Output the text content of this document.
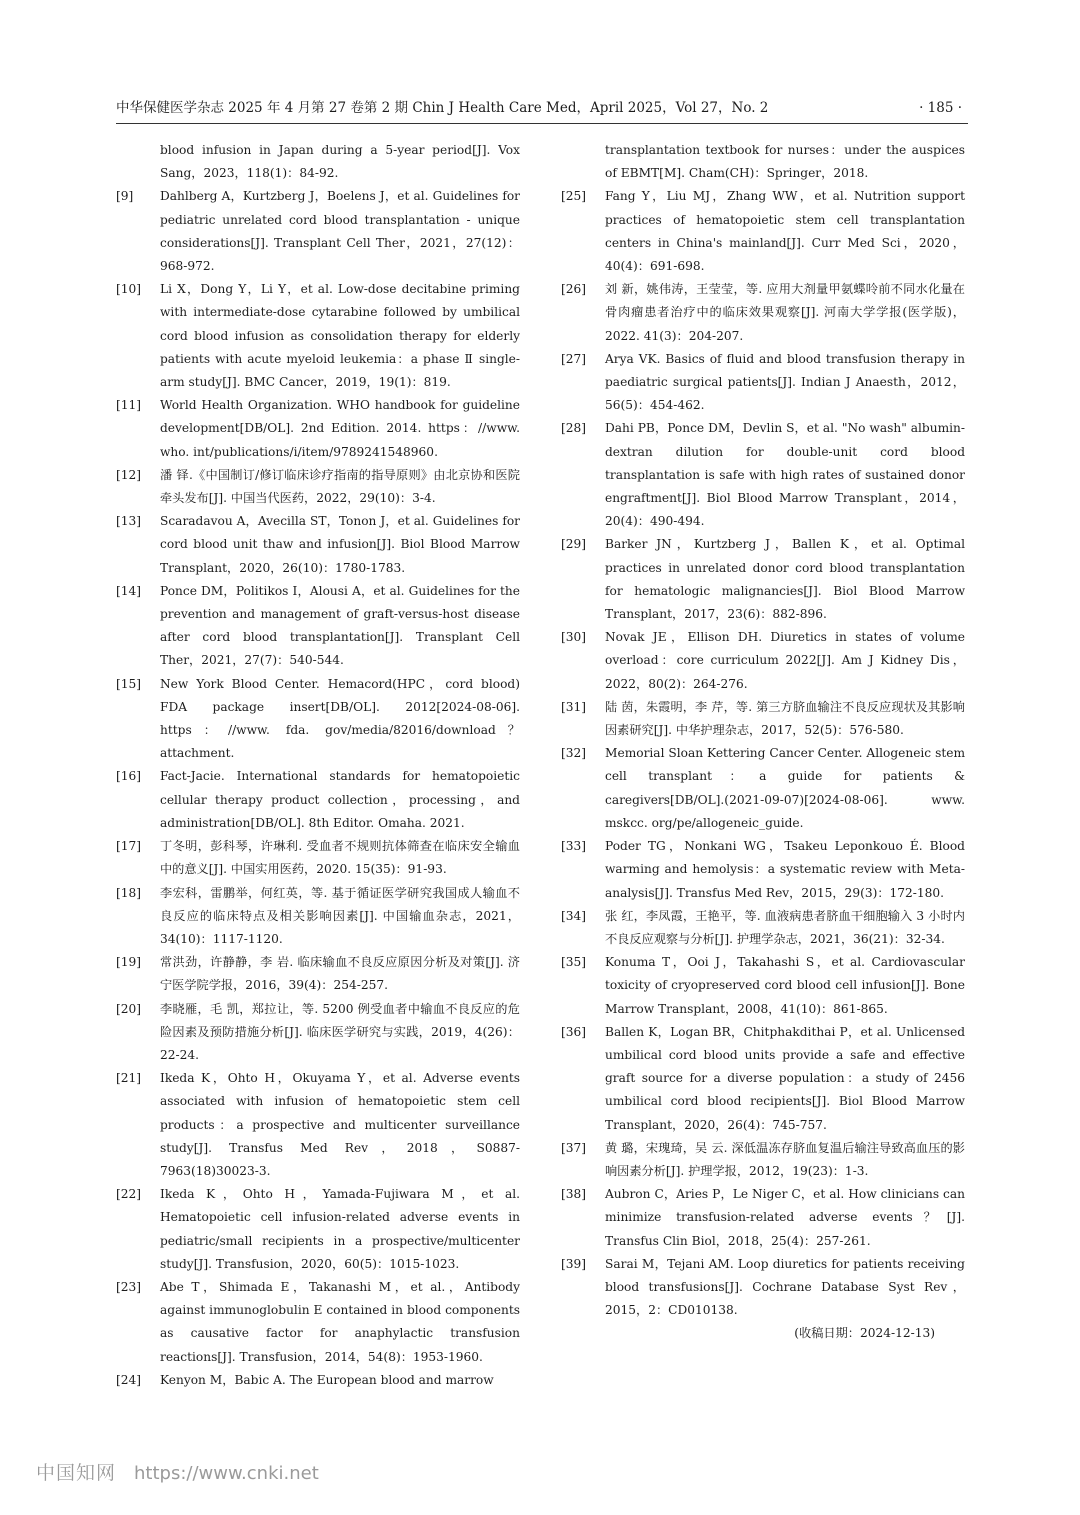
中华保健医学杂志 2025 年 4 月第 27 卷第 2 期 Chin J Health Care Med，April 2025，Vol 27，No. 2	· 185 ·
blood infusion in Japan during a 5-year period[J]. Vox Sang，2023，118(1)：84-92.
[9] Dahlberg A，Kurtzberg J，Boelens J，et al. Guidelines for pediatric unrelated cord blood transplantation - unique considerations[J]. Transplant Cell Ther，2021，27(12)：968-972.
[10] Li X，Dong Y，Li Y，et al. Low-dose decitabine priming with intermediate-dose cytarabine followed by umbilical cord blood infusion as consolidation therapy for elderly patients with acute myeloid leukemia：a phase Ⅱ single-arm study[J]. BMC Cancer，2019，19(1)：819.
[11] World Health Organization. WHO handbook for guideline development[DB/OL]. 2nd Edition. 2014. https：//www. who. int/publications/i/item/9789241548960.
[12] 潘 铎.《中国制订/修订临床诊疗指南的指导原则》由北京协和医院牵头发布[J]. 中国当代医药，2022，29(10)：3-4.
[13] Scaradavou A，Avecilla ST，Tonon J，et al. Guidelines for cord blood unit thaw and infusion[J]. Biol Blood Marrow Transplant，2020，26(10)：1780-1783.
[14] Ponce DM，Politikos I，Alousi A，et al. Guidelines for the prevention and management of graft-versus-host disease after cord blood transplantation[J]. Transplant Cell Ther，2021，27(7)：540-544.
[15] New York Blood Center. Hemacord(HPC，cord blood) FDA package insert[DB/OL]. 2012[2024-08-06]. https：//www. fda. gov/media/82016/download？attachment.
[16] Fact-Jacie. International standards for hematopoietic cellular therapy product collection，processing，and administration[DB/OL]. 8th Editor. Omaha. 2021.
[17] 丁冬明，彭科琴，许琳利. 受血者不规则抗体筛查在临床安全输血中的意义[J]. 中国实用医药，2020. 15(35)：91-93.
[18] 李宏科，雷鹏举，何红英，等. 基于循证医学研究我国成人输血不良反应的临床特点及相关影响因素[J]. 中国输血杂志，2021，34(10)：1117-1120.
[19] 常洪劲，许静静，李 岩. 临床输血不良反应原因分析及对策[J]. 济宁医学院学报，2016，39(4)：254-257.
[20] 李晓雁，毛 凯，郑拉让，等. 5200 例受血者中输血不良反应的危险因素及预防措施分析[J]. 临床医学研究与实践，2019，4(26)：22-24.
[21] Ikeda K，Ohto H，Okuyama Y，et al. Adverse events associated with infusion of hematopoietic stem cell products：a prospective and multicenter surveillance study[J]. Transfus Med Rev，2018，S0887-7963(18)30023-3.
[22] Ikeda K，Ohto H，Yamada-Fujiwara M，et al. Hematopoietic cell infusion-related adverse events in pediatric/small recipients in a prospective/multicenter study[J]. Transfusion，2020，60(5)：1015-1023.
[23] Abe T，Shimada E，Takanashi M，et al.，Antibody against immunoglobulin E contained in blood components as causative factor for anaphylactic transfusion reactions[J]. Transfusion，2014，54(8)：1953-1960.
[24] Kenyon M，Babic A. The European blood and marrow
transplantation textbook for nurses：under the auspices of EBMT[M]. Cham(CH)：Springer，2018.
[25] Fang Y，Liu MJ，Zhang WW，et al. Nutrition support practices of hematopoietic stem cell transplantation centers in China's mainland[J]. Curr Med Sci，2020，40(4)：691-698.
[26] 刘 新，姚伟涛，王莹莹，等. 应用大剂量甲氨蝶呤前不同水化量在骨肉瘤患者治疗中的临床效果观察[J]. 河南大学学报(医学版)，2022. 41(3)：204-207.
[27] Arya VK. Basics of fluid and blood transfusion therapy in paediatric surgical patients[J]. Indian J Anaesth，2012，56(5)：454-462.
[28] Dahi PB，Ponce DM，Devlin S，et al. "No wash" albumin-dextran dilution for double-unit cord blood transplantation is safe with high rates of sustained donor engraftment[J]. Biol Blood Marrow Transplant，2014，20(4)：490-494.
[29] Barker JN，Kurtzberg J，Ballen K，et al. Optimal practices in unrelated donor cord blood transplantation for hematologic malignancies[J]. Biol Blood Marrow Transplant，2017，23(6)：882-896.
[30] Novak JE，Ellison DH. Diuretics in states of volume overload：core curriculum 2022[J]. Am J Kidney Dis，2022，80(2)：264-276.
[31] 陆 茵，朱霞明，李 芹，等. 第三方脐血输注不良反应现状及其影响因素研究[J]. 中华护理杂志，2017，52(5)：576-580.
[32] Memorial Sloan Kettering Cancer Center. Allogeneic stem cell transplant：a guide for patients & caregivers[DB/OL].(2021-09-07)[2024-08-06]. www. mskcc. org/pe/allogeneic_guide.
[33] Poder TG，Nonkani WG，Tsakeu Leponkouo É. Blood warming and hemolysis：a systematic review with Meta-analysis[J]. Transfus Med Rev，2015，29(3)：172-180.
[34] 张 红，李凤霞，王艳平，等. 血液病患者脐血干细胞输入 3 小时内不良反应观察与分析[J]. 护理学杂志，2021，36(21)：32-34.
[35] Konuma T，Ooi J，Takahashi S，et al. Cardiovascular toxicity of cryopreserved cord blood cell infusion[J]. Bone Marrow Transplant，2008，41(10)：861-865.
[36] Ballen K，Logan BR，Chitphakdithai P，et al. Unlicensed umbilical cord blood units provide a safe and effective graft source for a diverse population：a study of 2456 umbilical cord blood recipients[J]. Biol Blood Marrow Transplant，2020，26(4)：745-757.
[37] 黄 璐，宋瑰琦，吴 云. 深低温冻存脐血复温后输注导致高血压的影响因素分析[J]. 护理学报，2012，19(23)：1-3.
[38] Aubron C，Aries P，Le Niger C，et al. How clinicians can minimize transfusion-related adverse events？[J]. Transfus Clin Biol，2018，25(4)：257-261.
[39] Sarai M，Tejani AM. Loop diuretics for patients receiving blood transfusions[J]. Cochrane Database Syst Rev，2015，2：CD010138.
(收稿日期：2024-12-13)
中国知网 https://www.cnki.net
